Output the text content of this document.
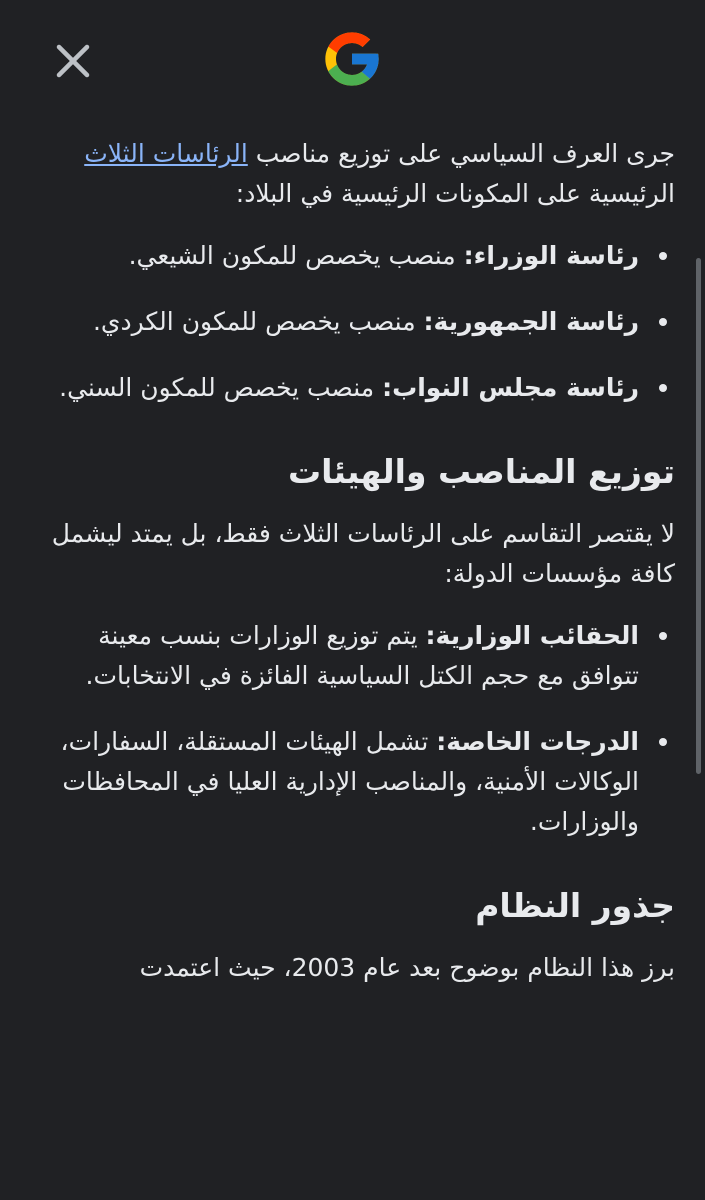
جرى العرف السياسي على توزيع مناصب الرئاسات الثلاث الرئيسية على المكونات الرئيسية في البلاد:

رئاسة الوزراء: منصب يخصص للمكون الشيعي.
رئاسة الجمهورية: منصب يخصص للمكون الكردي.
رئاسة مجلس النواب: منصب يخصص للمكون السني.
توزيع المناصب والهيئات

لا يقتصر التقاسم على الرئاسات الثلاث فقط، بل يمتد ليشمل كافة مؤسسات الدولة:

الحقائب الوزارية: يتم توزيع الوزارات بنسب معينة تتوافق مع حجم الكتل السياسية الفائزة في الانتخابات.
الدرجات الخاصة: تشمل الهيئات المستقلة، السفارات، الوكالات الأمنية، والمناصب الإدارية العليا في المحافظات والوزارات.
جذور النظام

برز هذا النظام بوضوح بعد عام 2003، حيث اعتمدت
